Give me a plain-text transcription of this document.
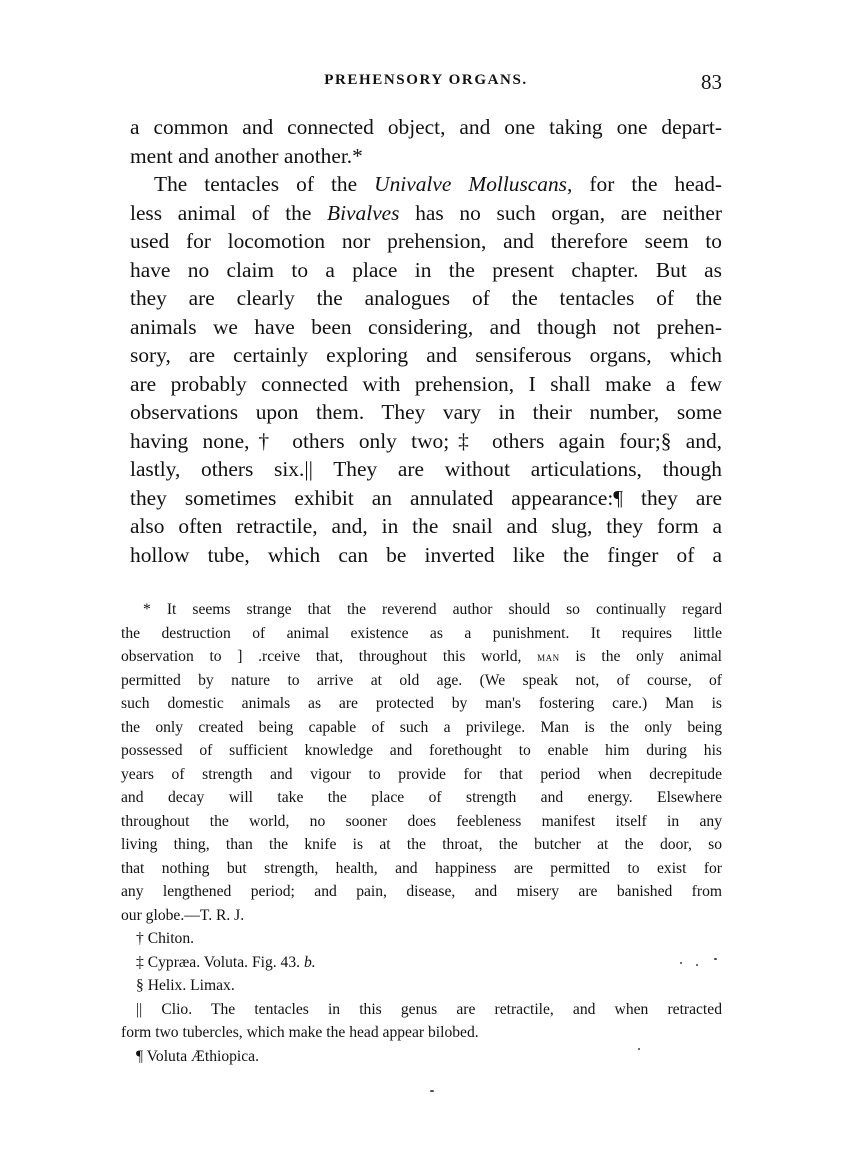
PREHENSORY ORGANS.	83
a common and connected object, and one taking one depart-
ment and another another.*
The tentacles of the Univalve Molluscans, for the head-
less animal of the Bivalves has no such organ, are neither
used for locomotion nor prehension, and therefore seem to
have no claim to a place in the present chapter. But as
they are clearly the analogues of the tentacles of the
animals we have been considering, and though not prehen-
sory, are certainly exploring and sensiferous organs, which
are probably connected with prehension, I shall make a few
observations upon them. They vary in their number, some
having none,† others only two;‡ others again four;§ and,
lastly, others six.|| They are without articulations, though
they sometimes exhibit an annulated appearance:¶ they are
also often retractile, and, in the snail and slug, they form a
hollow tube, which can be inverted like the finger of a
* It seems strange that the reverend author should so continually regard
the destruction of animal existence as a punishment. It requires little
observation to ] .rceive that, throughout this world, man is the only animal
permitted by nature to arrive at old age. (We speak not, of course, of
such domestic animals as are protected by man's fostering care.) Man is
the only created being capable of such a privilege. Man is the only being
possessed of sufficient knowledge and forethought to enable him during his
years of strength and vigour to provide for that period when decrepitude
and decay will take the place of strength and energy. Elsewhere
throughout the world, no sooner does feebleness manifest itself in any
living thing, than the knife is at the throat, the butcher at the door, so
that nothing but strength, health, and happiness are permitted to exist for
any lengthened period; and pain, disease, and misery are banished from
our globe.—T. R. J.
† Chiton.
‡ Cypræa. Voluta. Fig. 43. b.
§ Helix. Limax.
|| Clio. The tentacles in this genus are retractile, and when retracted
form two tubercles, which make the head appear bilobed.
¶ Voluta Æthiopica.
